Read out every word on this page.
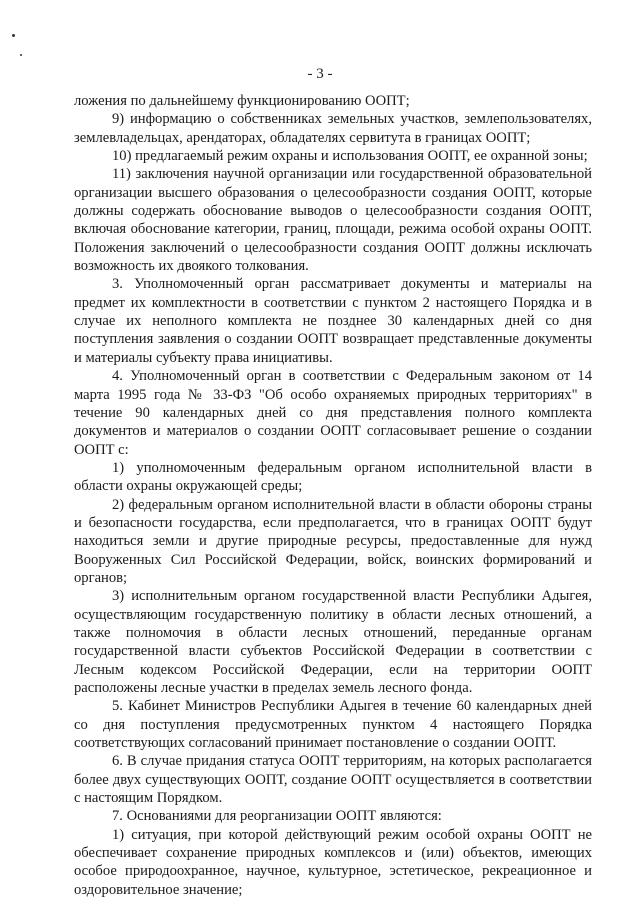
- 3 -

ложения по дальнейшему функционированию ООПТ;

9) информацию о собственниках земельных участков, землепользователях, землевладельцах, арендаторах, обладателях сервитута в границах ООПТ;

10) предлагаемый режим охраны и использования ООПТ, ее охранной зоны;

11) заключения научной организации или государственной образовательной организации высшего образования о целесообразности создания ООПТ, которые должны содержать обоснование выводов о целесообразности создания ООПТ, включая обоснование категории, границ, площади, режима особой охраны ООПТ. Положения заключений о целесообразности создания ООПТ должны исключать возможность их двоякого толкования.

3. Уполномоченный орган рассматривает документы и материалы на предмет их комплектности в соответствии с пунктом 2 настоящего Порядка и в случае их неполного комплекта не позднее 30 календарных дней со дня поступления заявления о создании ООПТ возвращает представленные документы и материалы субъекту права инициативы.

4. Уполномоченный орган в соответствии с Федеральным законом от 14 марта 1995 года № 33-ФЗ "Об особо охраняемых природных территориях" в течение 90 календарных дней со дня представления полного комплекта документов и материалов о создании ООПТ согласовывает решение о создании ООПТ с:

1) уполномоченным федеральным органом исполнительной власти в области охраны окружающей среды;

2) федеральным органом исполнительной власти в области обороны страны и безопасности государства, если предполагается, что в границах ООПТ будут находиться земли и другие природные ресурсы, предоставленные для нужд Вооруженных Сил Российской Федерации, войск, воинских формирований и органов;

3) исполнительным органом государственной власти Республики Адыгея, осуществляющим государственную политику в области лесных отношений, а также полномочия в области лесных отношений, переданные органам государственной власти субъектов Российской Федерации в соответствии с Лесным кодексом Российской Федерации, если на территории ООПТ расположены лесные участки в пределах земель лесного фонда.

5. Кабинет Министров Республики Адыгея в течение 60 календарных дней со дня поступления предусмотренных пунктом 4 настоящего Порядка соответствующих согласований принимает постановление о создании ООПТ.

6. В случае придания статуса ООПТ территориям, на которых располагается более двух существующих ООПТ, создание ООПТ осуществляется в соответствии с настоящим Порядком.

7. Основаниями для реорганизации ООПТ являются:

1) ситуация, при которой действующий режим особой охраны ООПТ не обеспечивает сохранение природных комплексов и (или) объектов, имеющих особое природоохранное, научное, культурное, эстетическое, рекреационное и оздоровительное значение;
